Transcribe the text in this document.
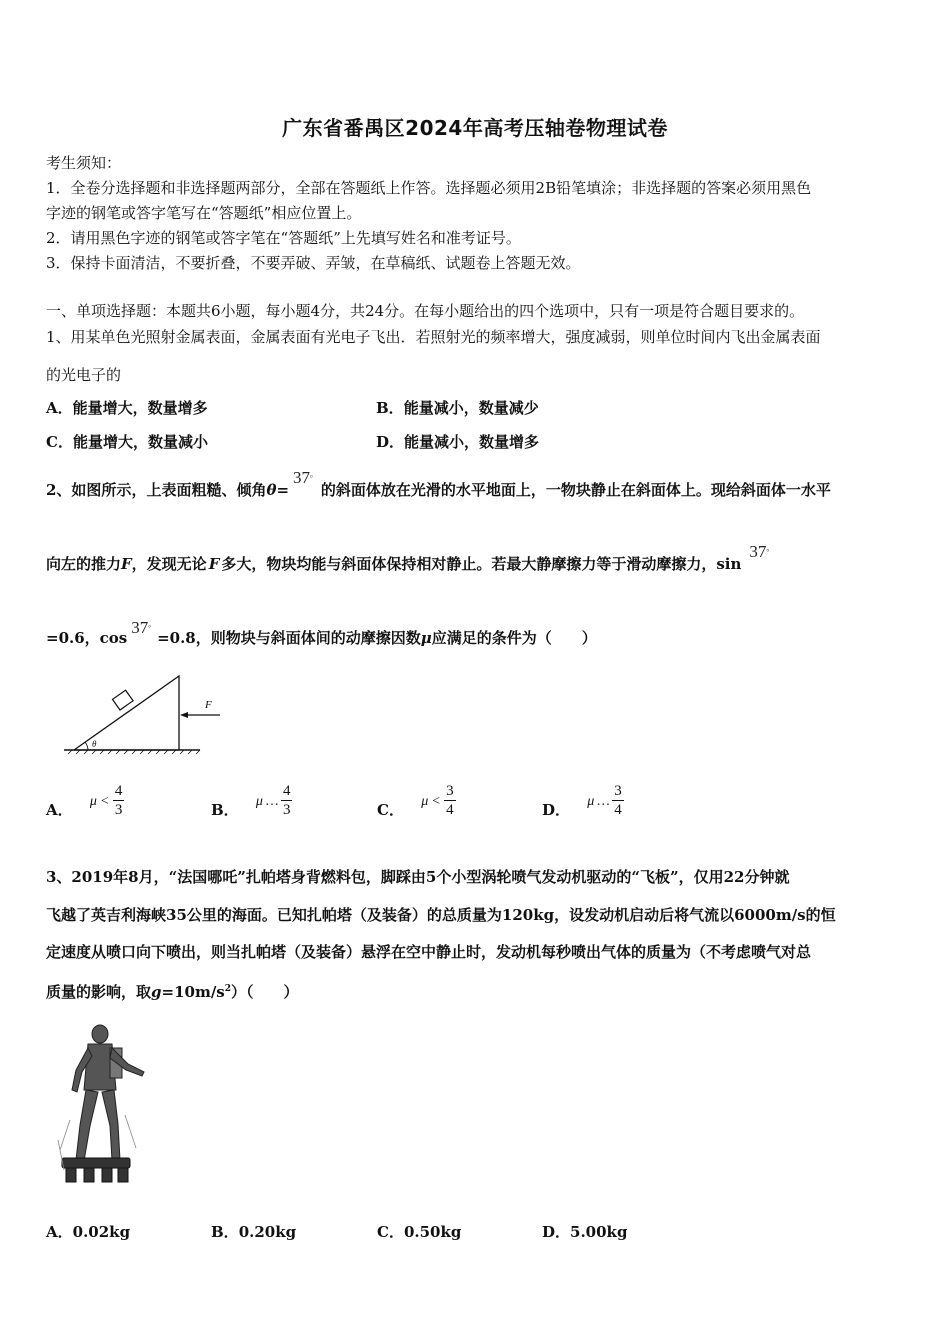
广东省番禺区2024年高考压轴卷物理试卷
考生须知：
1．全卷分选择题和非选择题两部分，全部在答题纸上作答。选择题必须用2B铅笔填涂；非选择题的答案必须用黑色
字迹的钢笔或答字笔写在“答题纸”相应位置上。
2．请用黑色字迹的钢笔或答字笔在“答题纸”上先填写姓名和准考证号。
3．保持卡面清洁，不要折叠，不要弄破、弄皱，在草稿纸、试题卷上答题无效。
一、单项选择题：本题共6小题，每小题4分，共24分。在每小题给出的四个选项中，只有一项是符合题目要求的。
1、用某单色光照射金属表面，金属表面有光电子飞出．若照射光的频率增大，强度减弱，则单位时间内飞出金属表面
的光电子的
A．能量增大，数量增多	B．能量减小，数量减少
C．能量增大，数量减小	D．能量减小，数量增多
2、如图所示，上表面粗糙、倾角θ=37°的斜面体放在光滑的水平地面上，一物块静止在斜面体上。现给斜面体一水平
向左的推力F，发现无论 F 多大，物块均能与斜面体保持相对静止。若最大静摩擦力等于滑动摩擦力，sin37°
=0.6，cos37°=0.8，则物块与斜面体间的动摩擦因数μ应满足的条件为（　　）
F
θ
A． $\mu < \frac{4}{3}$	B． μ … $\frac{4}{3}$	C． $\mu < \frac{3}{4}$	D． μ … $\frac{3}{4}$
3、2019年8月，“法国哪吒”扎帕塔身背燃料包，脚踩由5个小型涡轮喷气发动机驱动的“飞板”，仅用22分钟就
飞越了英吉利海峡35公里的海面。已知扎帕塔（及装备）的总质量为120kg，设发动机启动后将气流以6000m/s的恒
定速度从喷口向下喷出，则当扎帕塔（及装备）悬浮在空中静止时，发动机每秒喷出气体的质量为（不考虑喷气对总
质量的影响，取$g=10m/s^2$）（　　）
A．0.02kg	B．0.20kg	C．0.50kg	D．5.00kg
